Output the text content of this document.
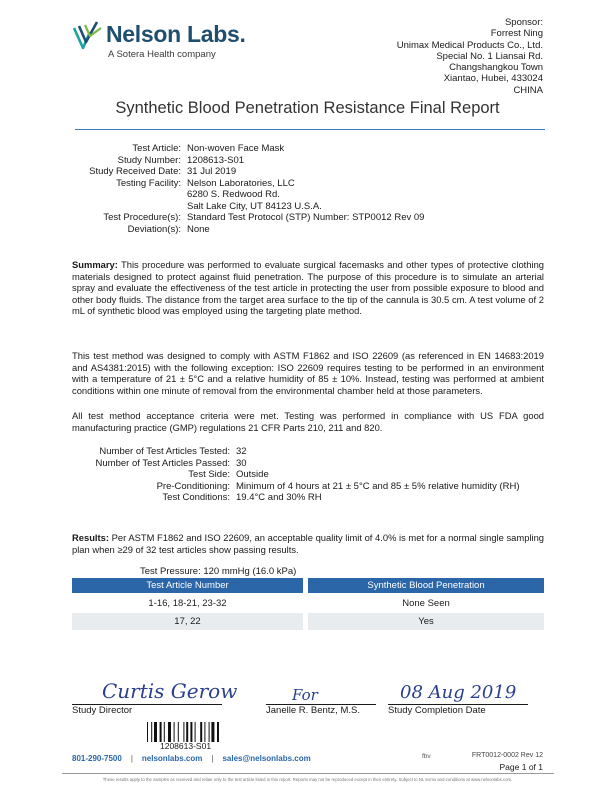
Nelson Labs.
A Sotera Health company
Sponsor:
Forrest Ning
Unimax Medical Products Co., Ltd.
Special No. 1 Liansai Rd.
Changshangkou Town
Xiantao, Hubei, 433024
CHINA
Synthetic Blood Penetration Resistance Final Report
Test Article: Non-woven Face Mask
Study Number: 1208613-S01
Study Received Date: 31 Jul 2019
Testing Facility: Nelson Laboratories, LLC
6280 S. Redwood Rd.
Salt Lake City, UT 84123 U.S.A.
Test Procedure(s): Standard Test Protocol (STP) Number: STP0012 Rev 09
Deviation(s): None
Summary: This procedure was performed to evaluate surgical facemasks and other types of protective clothing materials designed to protect against fluid penetration. The purpose of this procedure is to simulate an arterial spray and evaluate the effectiveness of the test article in protecting the user from possible exposure to blood and other body fluids. The distance from the target area surface to the tip of the cannula is 30.5 cm. A test volume of 2 mL of synthetic blood was employed using the targeting plate method.
This test method was designed to comply with ASTM F1862 and ISO 22609 (as referenced in EN 14683:2019 and AS4381:2015) with the following exception: ISO 22609 requires testing to be performed in an environment with a temperature of 21 ± 5°C and a relative humidity of 85 ± 10%. Instead, testing was performed at ambient conditions within one minute of removal from the environmental chamber held at those parameters.
All test method acceptance criteria were met. Testing was performed in compliance with US FDA good manufacturing practice (GMP) regulations 21 CFR Parts 210, 211 and 820.
Number of Test Articles Tested: 32
Number of Test Articles Passed: 30
Test Side: Outside
Pre-Conditioning: Minimum of 4 hours at 21 ± 5°C and 85 ± 5% relative humidity (RH)
Test Conditions: 19.4°C and 30% RH
Results: Per ASTM F1862 and ISO 22609, an acceptable quality limit of 4.0% is met for a normal single sampling plan when ≥29 of 32 test articles show passing results.
Test Pressure: 120 mmHg (16.0 kPa)
Test Article Number	Synthetic Blood Penetration
1-16, 18-21, 23-32	None Seen
17, 22	Yes
Curtis Gerow	For	08 Aug 2019
Study Director	Janelle R. Bentz, M.S.	Study Completion Date
1208613-S01
801-290-7500 | nelsonlabs.com | sales@nelsonlabs.com	fbv	FRT0012-0002 Rev 12
Page 1 of 1
These results apply to the samples as received and relate only to the test article listed in this report. Reports may not be reproduced except in their entirety. Subject to NL terms and conditions at www.nelsonlabs.com.
